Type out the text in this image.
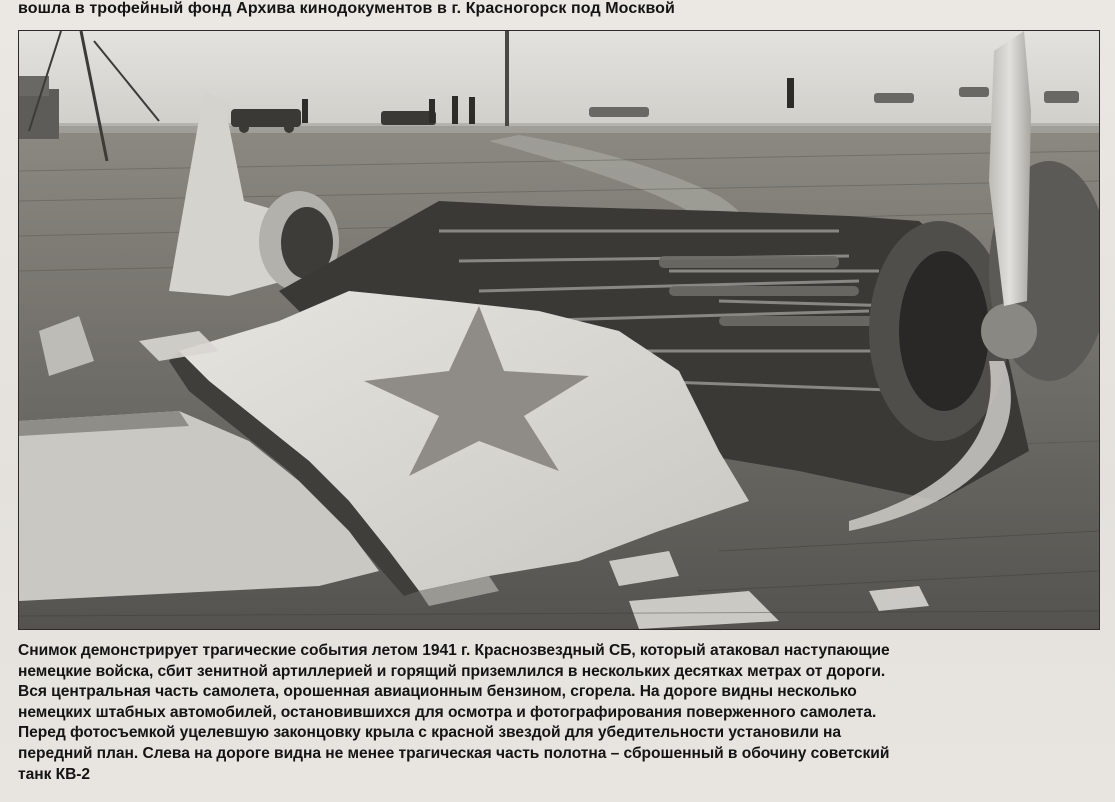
вошла в трофейный фонд Архива кинодокументов в г. Красногорск под Москвой
Снимок демонстрирует трагические события летом 1941 г. Краснозвездный СБ, который атаковал наступающие
немецкие войска, сбит зенитной артиллерией и горящий приземлился в нескольких десятках метрах от дороги.
Вся центральная часть самолета, орошенная авиационным бензином, сгорела. На дороге видны несколько
немецких штабных автомобилей, остановившихся для осмотра и фотографирования поверженного самолета.
Перед фотосъемкой уцелевшую законцовку крыла с красной звездой для убедительности установили на
передний план. Слева на дороге видна не менее трагическая часть полотна – сброшенный в обочину советский
танк КВ-2
